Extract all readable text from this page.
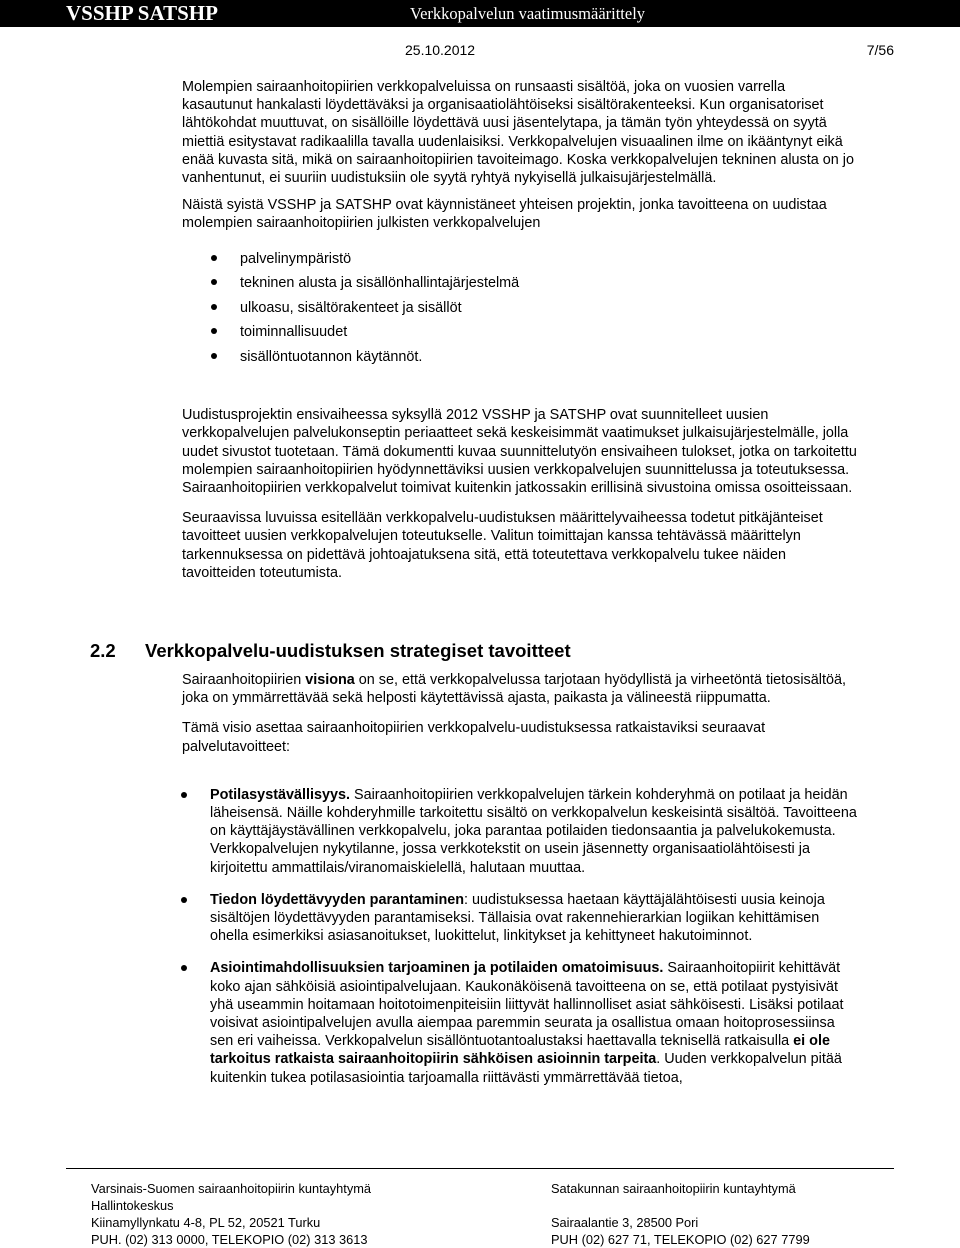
VSSHP SATSHP	Verkkopalvelun vaatimusmäärittely
25.10.2012	7/56

Molempien sairaanhoitopiirien verkkopalveluissa on runsaasti sisältöä, joka on vuosien varrella kasautunut hankalasti löydettäväksi ja organisaatiolähtöiseksi sisältörakenteeksi. Kun organisatoriset lähtökohdat muuttuvat, on sisällöille löydettävä uusi jäsentelytapa, ja tämän työn yhteydessä on syytä miettiä esitystavat radikaalilla tavalla uudenlaisiksi. Verkkopalvelujen visuaalinen ilme on ikääntynyt eikä enää kuvasta sitä, mikä on sairaanhoitopiirien tavoiteimago. Koska verkkopalvelujen tekninen alusta on jo vanhentunut, ei suuriin uudistuksiin ole syytä ryhtyä nykyisellä julkaisujärjestelmällä.

Näistä syistä VSSHP ja SATSHP ovat käynnistäneet yhteisen projektin, jonka tavoitteena on uudistaa molempien sairaanhoitopiirien julkisten verkkopalvelujen

palvelinympäristö
tekninen alusta ja sisällönhallintajärjestelmä
ulkoasu, sisältörakenteet ja sisällöt
toiminnallisuudet
sisällöntuotannon käytännöt.

Uudistusprojektin ensivaiheessa syksyllä 2012 VSSHP ja SATSHP ovat suunnitelleet uusien verkkopalvelujen palvelukonseptin periaatteet sekä keskeisimmät vaatimukset julkaisujärjestelmälle, jolla uudet sivustot tuotetaan. Tämä dokumentti kuvaa suunnittelutyön ensivaiheen tulokset, jotka on tarkoitettu molempien sairaanhoitopiirien hyödynnettäviksi uusien verkkopalvelujen suunnittelussa ja toteutuksessa. Sairaanhoitopiirien verkkopalvelut toimivat kuitenkin jatkossakin erillisinä sivustoina omissa osoitteissaan.

Seuraavissa luvuissa esitellään verkkopalvelu-uudistuksen määrittelyvaiheessa todetut pitkäjänteiset tavoitteet uusien verkkopalvelujen toteutukselle. Valitun toimittajan kanssa tehtävässä määrittelyn tarkennuksessa on pidettävä johtoajatuksena sitä, että toteutettava verkkopalvelu tukee näiden tavoitteiden toteutumista.

2.2 Verkkopalvelu-uudistuksen strategiset tavoitteet

Sairaanhoitopiirien visiona on se, että verkkopalvelussa tarjotaan hyödyllistä ja virheetöntä tietosisältöä, joka on ymmärrettävää sekä helposti käytettävissä ajasta, paikasta ja välineestä riippumatta.

Tämä visio asettaa sairaanhoitopiirien verkkopalvelu-uudistuksessa ratkaistaviksi seuraavat palvelutavoitteet:

Potilasystävällisyys. Sairaanhoitopiirien verkkopalvelujen tärkein kohderyhmä on potilaat ja heidän läheisensä. Näille kohderyhmille tarkoitettu sisältö on verkkopalvelun keskeisintä sisältöä. Tavoitteena on käyttäjäystävällinen verkkopalvelu, joka parantaa potilaiden tiedonsaantia ja palvelukokemusta. Verkkopalvelujen nykytilanne, jossa verkkotekstit on usein jäsennetty organisaatiolähtöisesti ja kirjoitettu ammattilais/viranomaiskielellä, halutaan muuttaa.
Tiedon löydettävyyden parantaminen: uudistuksessa haetaan käyttäjälähtöisesti uusia keinoja sisältöjen löydettävyyden parantamiseksi. Tällaisia ovat rakennehierarkian logiikan kehittämisen ohella esimerkiksi asiasanoitukset, luokittelut, linkitykset ja kehittyneet hakutoiminnot.
Asiointimahdollisuuksien tarjoaminen ja potilaiden omatoimisuus. Sairaanhoitopiirit kehittävät koko ajan sähköisiä asiointipalvelujaan. Kaukonäköisenä tavoitteena on se, että potilaat pystyisivät yhä useammin hoitamaan hoitotoimenpiteisiin liittyvät hallinnolliset asiat sähköisesti. Lisäksi potilaat voisivat asiointipalvelujen avulla aiempaa paremmin seurata ja osallistua omaan hoitoprosessiinsa sen eri vaiheissa. Verkkopalvelun sisällöntuotantoalustaksi haettavalla teknisellä ratkaisulla ei ole tarkoitus ratkaista sairaanhoitopiirin sähköisen asioinnin tarpeita. Uuden verkkopalvelun pitää kuitenkin tukea potilasasiointia tarjoamalla riittävästi ymmärrettävää tietoa,
Varsinais-Suomen sairaanhoitopiirin kuntayhtymä
Hallintokeskus
Kiinamyllynkatu 4-8, PL 52, 20521 Turku
PUH. (02) 313 0000, TELEKOPIO (02) 313 3613
Satakunnan sairaanhoitopiirin kuntayhtymä
Sairaalantie 3, 28500 Pori
PUH (02) 627 71, TELEKOPIO (02) 627 7799
